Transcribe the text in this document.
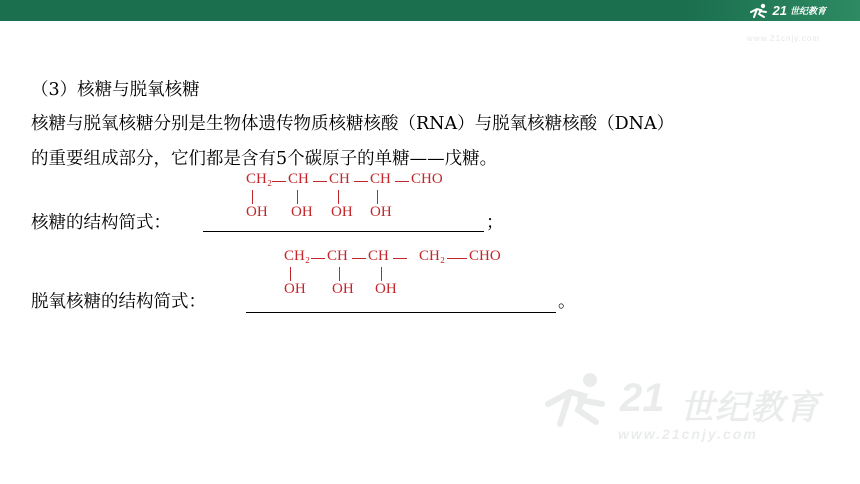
21 世纪教育
www.21cnjy.com
（3）核糖与脱氧核糖
核糖与脱氧核糖分别是生物体遗传物质核糖核酸（RNA）与脱氧核糖核酸（DNA）
的重要组成部分，它们都是含有5个碳原子的单糖——戊糖。
CH₂ CH CH CH CHO
OH OH OH OH
核糖的结构简式：	；
CH₂ CH CH CH₂ CHO
OH OH OH
脱氧核糖的结构简式：	。
21 世纪教育
www.21cnjy.com
